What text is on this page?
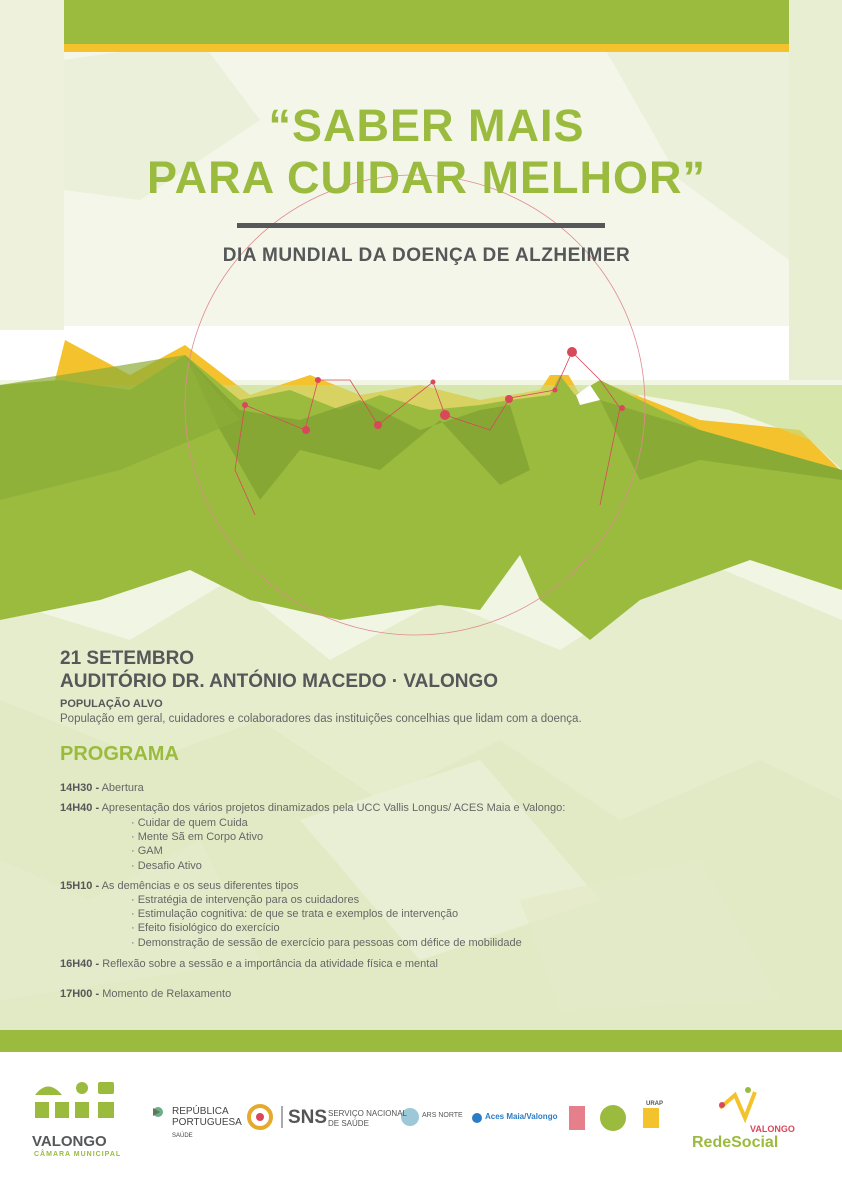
“SABER MAIS
PARA CUIDAR MELHOR”
DIA MUNDIAL DA DOENÇA DE ALZHEIMER
21 SETEMBRO
AUDITÓRIO DR. ANTÓNIO MACEDO · VALONGO
POPULAÇÃO ALVO
População em geral, cuidadores e colaboradores das instituições concelhias que lidam com a doença.
PROGRAMA
14H30 - Abertura
14H40 - Apresentação dos vários projetos dinamizados pela UCC Vallis Longus/ ACES Maia e Valongo:
· Cuidar de quem Cuida
· Mente Sã em Corpo Ativo
· GAM
· Desafio Ativo
15H10 - As demências e os seus diferentes tipos
· Estratégia de intervenção para os cuidadores
· Estimulação cognitiva: de que se trata e exemplos de intervenção
· Efeito fisiológico do exercício
· Demonstração de sessão de exercício para pessoas com défice de mobilidade
16H40 - Reflexão sobre a sessão e a importância da atividade física e mental
17H00 - Momento de Relaxamento
VALONGO
CÂMARA MUNICIPAL
REPÚBLICA
PORTUGUESA
SAÚDE
SNS SERVIÇO NACIONAL
DE SAÚDE
ARS NORTE	Aces Maia/Valongo
URAP
VALONGO
RedeSocial
